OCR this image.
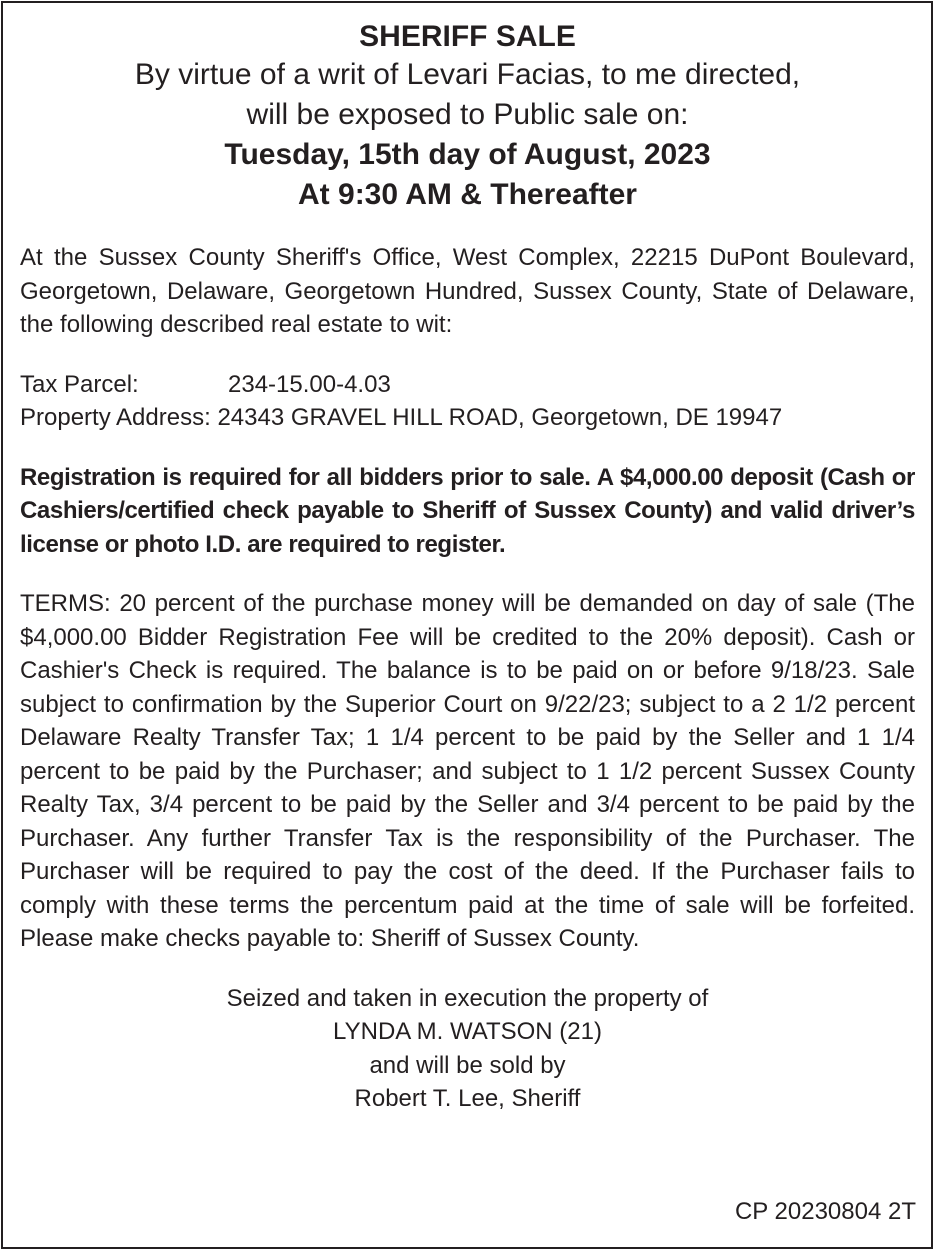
SHERIFF SALE
By virtue of a writ of Levari Facias, to me directed,
will be exposed to Public sale on:
Tuesday, 15th day of August, 2023
At 9:30 AM & Thereafter
At the Sussex County Sheriff's Office, West Complex, 22215 DuPont Boulevard, Georgetown, Delaware, Georgetown Hundred, Sussex County, State of Delaware, the following described real estate to wit:
Tax Parcel:	234-15.00-4.03
Property Address: 24343 GRAVEL HILL ROAD, Georgetown, DE 19947
Registration is required for all bidders prior to sale. A $4,000.00 deposit (Cash or Cashiers/certified check payable to Sheriff of Sussex County) and valid driver’s license or photo I.D. are required to register.
TERMS: 20 percent of the purchase money will be demanded on day of sale (The $4,000.00 Bidder Registration Fee will be credited to the 20% deposit). Cash or Cashier's Check is required. The balance is to be paid on or before 9/18/23. Sale subject to confirmation by the Superior Court on 9/22/23; subject to a 2 1/2 percent Delaware Realty Transfer Tax; 1 1/4 percent to be paid by the Seller and 1 1/4 percent to be paid by the Purchaser; and subject to 1 1/2 percent Sussex County Realty Tax, 3/4 percent to be paid by the Seller and 3/4 percent to be paid by the Purchaser. Any further Transfer Tax is the responsibility of the Purchaser. The Purchaser will be required to pay the cost of the deed. If the Purchaser fails to comply with these terms the percentum paid at the time of sale will be forfeited. Please make checks payable to: Sheriff of Sussex County.
Seized and taken in execution the property of
LYNDA M. WATSON (21)
and will be sold by
Robert T. Lee, Sheriff
CP 20230804 2T
